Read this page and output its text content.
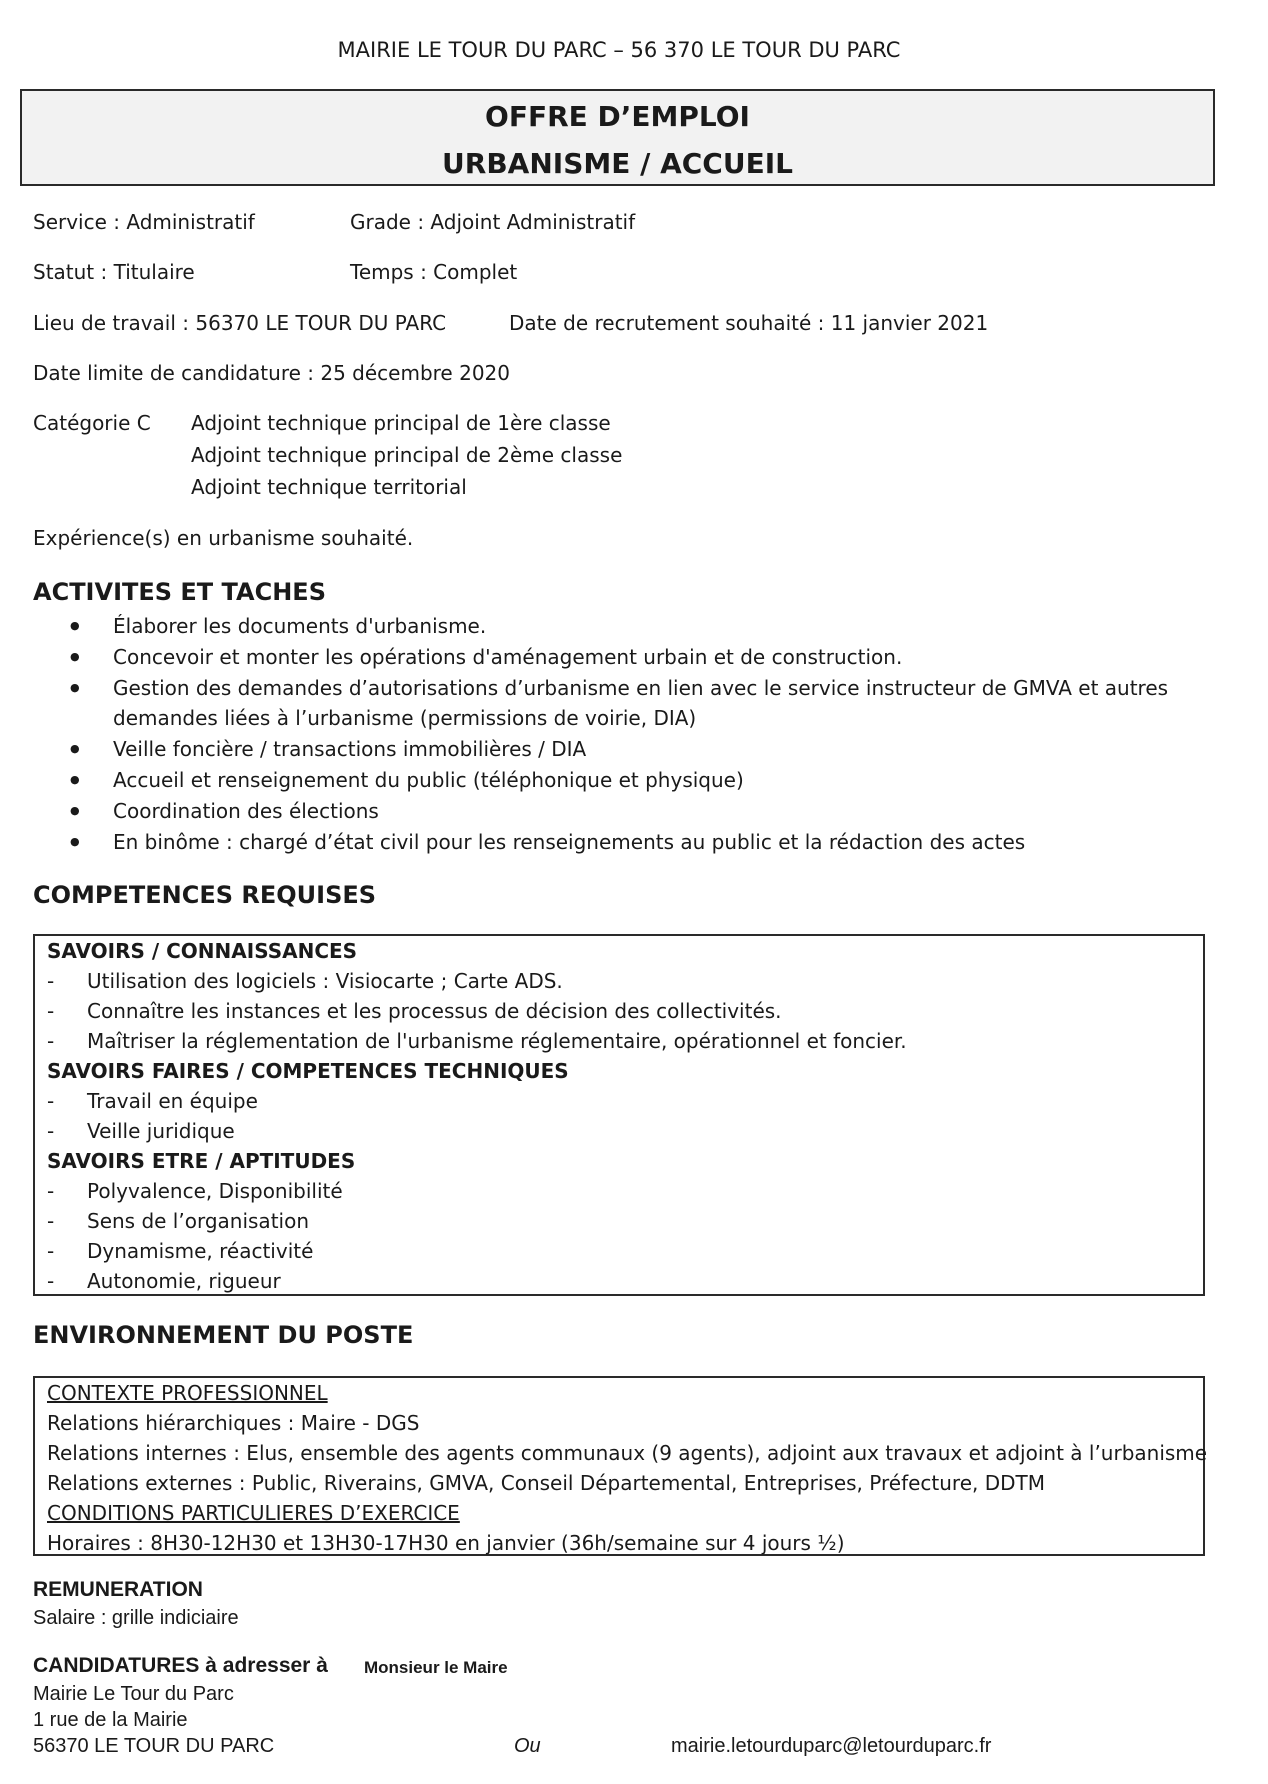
MAIRIE LE TOUR DU PARC – 56 370 LE TOUR DU PARC
OFFRE D’EMPLOI
URBANISME / ACCUEIL
Service : Administratif	Grade : Adjoint Administratif
Statut : Titulaire	Temps : Complet
Lieu de travail : 56370 LE TOUR DU PARC	Date de recrutement souhaité : 11 janvier 2021
Date limite de candidature : 25 décembre 2020
Catégorie C Adjoint technique principal de 1ère classe
Adjoint technique principal de 2ème classe
Adjoint technique territorial
Expérience(s) en urbanisme souhaité.
ACTIVITES ET TACHES
● Élaborer les documents d'urbanisme.
● Concevoir et monter les opérations d'aménagement urbain et de construction.
● Gestion des demandes d’autorisations d’urbanisme en lien avec le service instructeur de GMVA et autres
demandes liées à l’urbanisme (permissions de voirie, DIA)
● Veille foncière / transactions immobilières / DIA
● Accueil et renseignement du public (téléphonique et physique)
● Coordination des élections
● En binôme : chargé d’état civil pour les renseignements au public et la rédaction des actes
COMPETENCES REQUISES
SAVOIRS / CONNAISSANCES
- Utilisation des logiciels : Visiocarte ; Carte ADS.
- Connaître les instances et les processus de décision des collectivités.
- Maîtriser la réglementation de l'urbanisme réglementaire, opérationnel et foncier.
SAVOIRS FAIRES / COMPETENCES TECHNIQUES
- Travail en équipe
- Veille juridique
SAVOIRS ETRE / APTITUDES
- Polyvalence, Disponibilité
- Sens de l’organisation
- Dynamisme, réactivité
- Autonomie, rigueur
ENVIRONNEMENT DU POSTE
CONTEXTE PROFESSIONNEL
Relations hiérarchiques : Maire - DGS
Relations internes : Elus, ensemble des agents communaux (9 agents), adjoint aux travaux et adjoint à l’urbanisme
Relations externes : Public, Riverains, GMVA, Conseil Départemental, Entreprises, Préfecture, DDTM
CONDITIONS PARTICULIERES D’EXERCICE
Horaires : 8H30-12H30 et 13H30-17H30 en janvier (36h/semaine sur 4 jours ½)
REMUNERATION
Salaire : grille indiciaire
CANDIDATURES à adresser à Monsieur le Maire
Mairie Le Tour du Parc
1 rue de la Mairie
56370 LE TOUR DU PARC	Ou	mairie.letourduparc@letourduparc.fr
